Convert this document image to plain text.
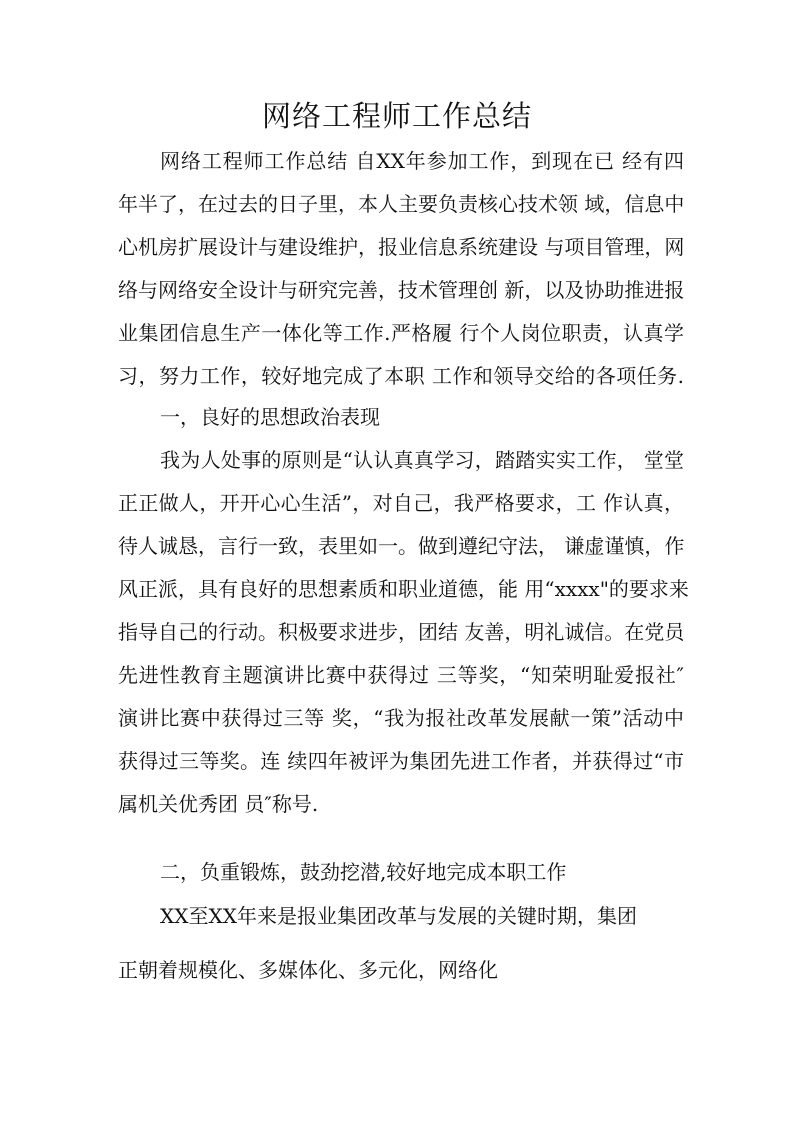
网络工程师工作总结
网络工程师工作总结 自XX年参加工作，到现在已 经有四
年半了，在过去的日子里，本人主要负责核心技术领 域，信息中
心机房扩展设计与建设维护，报业信息系统建设 与项目管理，网
络与网络安全设计与研究完善，技术管理创 新，以及协助推进报
业集团信息生产一体化等工作.严格履 行个人岗位职责，认真学
习，努力工作，较好地完成了本职 工作和领导交给的各项任务.
一，良好的思想政治表现
我为人处事的原则是“认认真真学习，踏踏实实工作， 堂堂
正正做人，开开心心生活”，对自己，我严格要求，工 作认真，
待人诚恳，言行一致，表里如一。做到遵纪守法， 谦虚谨慎，作
风正派，具有良好的思想素质和职业道德，能 用“xxxx"的要求来
指导自己的行动。积极要求进步，团结 友善，明礼诚信。在党员
先进性教育主题演讲比赛中获得过 三等奖，“知荣明耻爱报社″
演讲比赛中获得过三等 奖，“我为报社改革发展献一策”活动中
获得过三等奖。连 续四年被评为集团先进工作者，并获得过“市
属机关优秀团 员″称号.
二，负重锻炼，鼓劲挖潜,较好地完成本职工作
XX至XX年来是报业集团改革与发展的关键时期，集团
正朝着规模化、多媒体化、多元化，网络化
